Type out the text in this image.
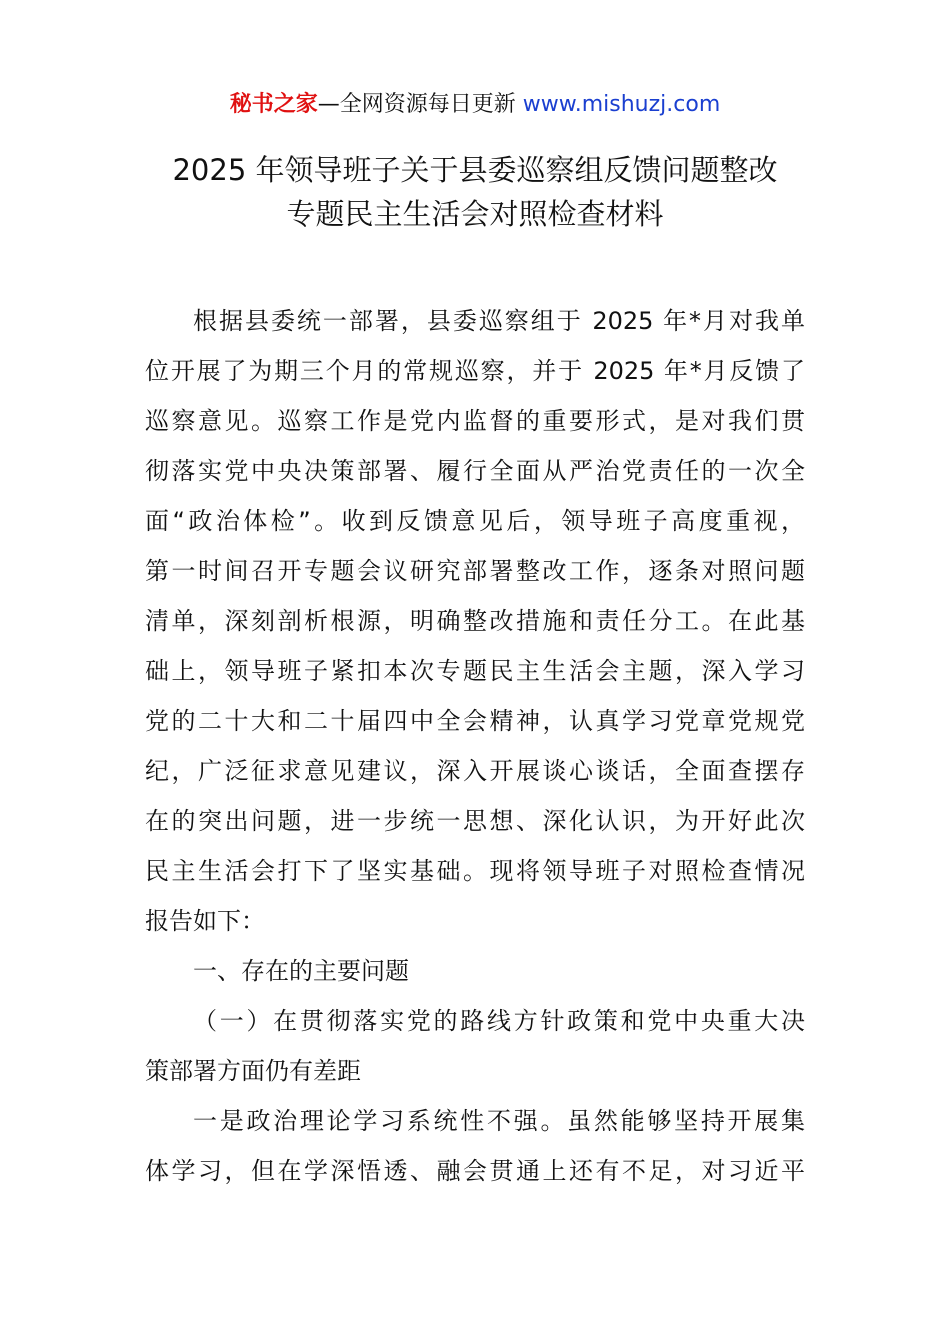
秘书之家—全网资源每日更新 www.mishuzj.com
2025 年领导班子关于县委巡察组反馈问题整改
专题民主生活会对照检查材料
根据县委统一部署，县委巡察组于 2025 年*月对我单
位开展了为期三个月的常规巡察，并于 2025 年*月反馈了
巡察意见。巡察工作是党内监督的重要形式，是对我们贯
彻落实党中央决策部署、履行全面从严治党责任的一次全
面“政治体检”。收到反馈意见后，领导班子高度重视，
第一时间召开专题会议研究部署整改工作，逐条对照问题
清单，深刻剖析根源，明确整改措施和责任分工。在此基
础上，领导班子紧扣本次专题民主生活会主题，深入学习
党的二十大和二十届四中全会精神，认真学习党章党规党
纪，广泛征求意见建议，深入开展谈心谈话，全面查摆存
在的突出问题，进一步统一思想、深化认识，为开好此次
民主生活会打下了坚实基础。现将领导班子对照检查情况
报告如下：
一、存在的主要问题
（一）在贯彻落实党的路线方针政策和党中央重大决
策部署方面仍有差距
一是政治理论学习系统性不强。虽然能够坚持开展集
体学习，但在学深悟透、融会贯通上还有不足，对习近平
